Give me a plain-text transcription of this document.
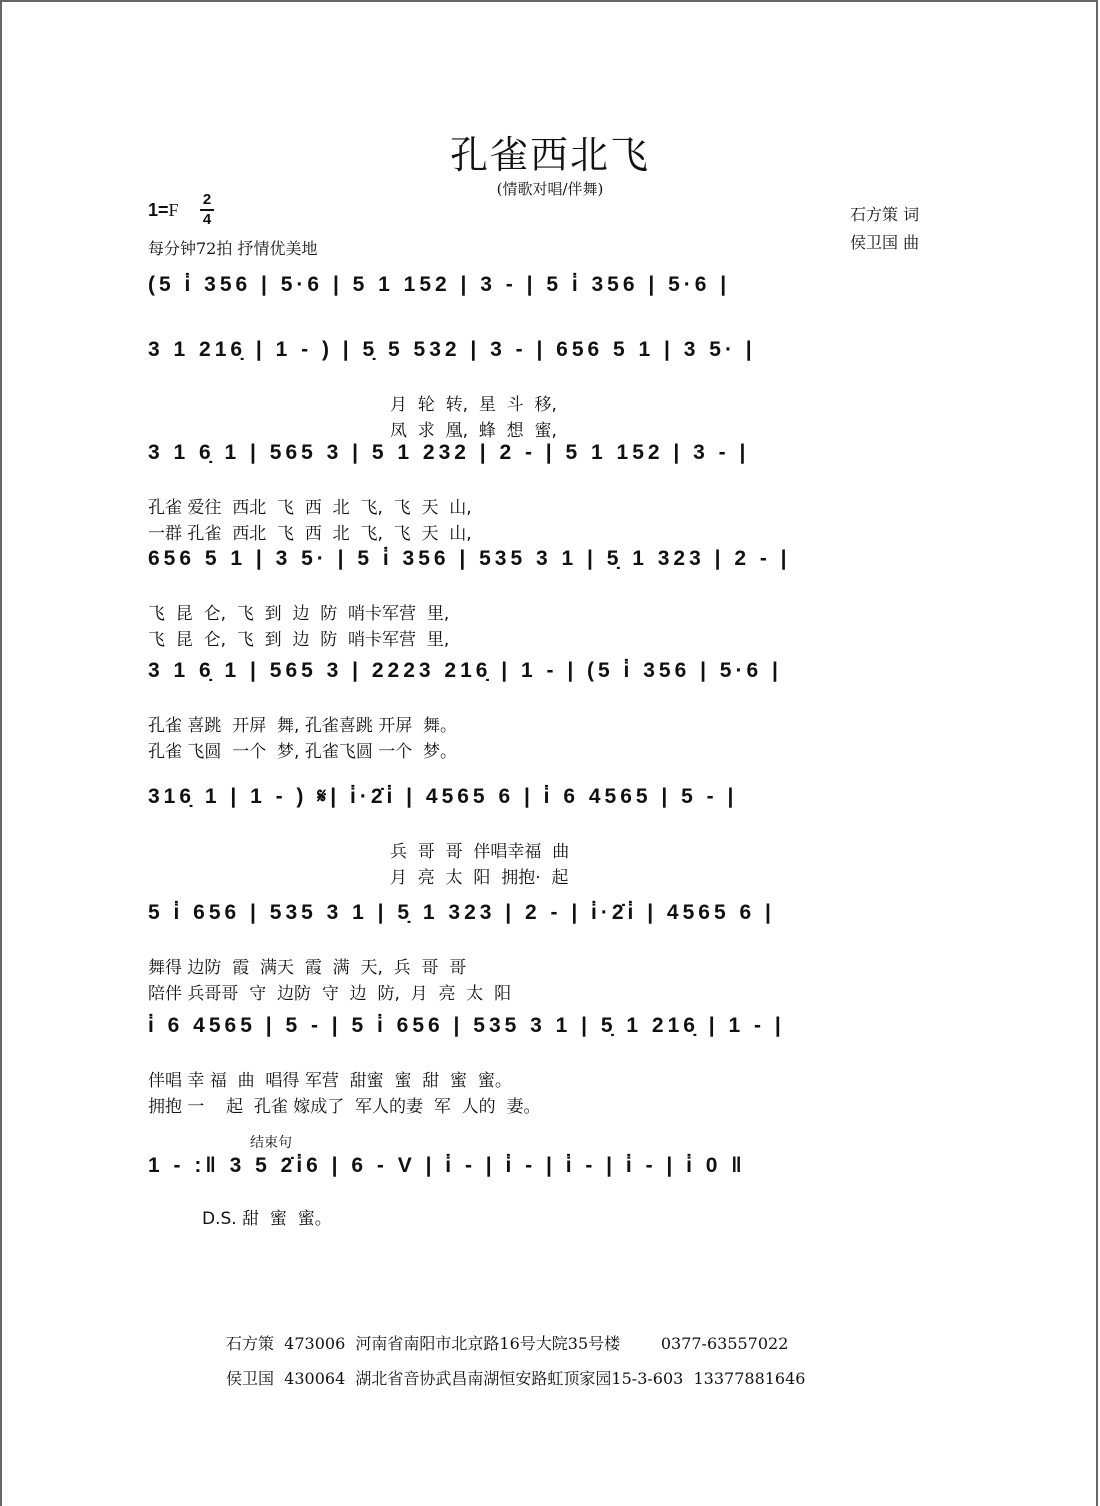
孔雀西北飞
(情歌对唱/伴舞)
1=F
2
4
每分钟72拍 抒情优美地
石方策 词
侯卫国 曲
(5 i̇ 356 | 5·6 | 5 1 152 | 3 - | 5 i̇ 356 | 5·6 |
3 1 216̣ | 1 - ) | 5̣ 5 532 | 3 - | 656 5 1 | 3 5· |
月  轮  转,  星  斗  移,
凤  求  凰,  蜂  想  蜜,
3 1 6̣ 1 | 565 3 | 5 1 232 | 2 - | 5 1 152 | 3 - |
孔雀 爱往  西北  飞  西  北  飞,  飞  天  山,
一群 孔雀  西北  飞  西  北  飞,  飞  天  山,
656 5 1 | 3 5· | 5 i̇ 356 | 535 3 1 | 5̣ 1 323 | 2 - |
飞  昆  仑,  飞  到  边  防  哨卡军营  里,
飞  昆  仑,  飞  到  边  防  哨卡军营  里,
3 1 6̣ 1 | 565 3 | 2223 216̣ | 1 - | (5 i̇ 356 | 5·6 |
孔雀 喜跳  开屏  舞, 孔雀喜跳 开屏  舞。
孔雀 飞圆  一个  梦, 孔雀飞圆 一个  梦。
316̣ 1 | 1 - ) 𝄋| i̇·2̇i̇ | 4565 6 | i̇ 6 4565 | 5 - |
兵  哥  哥  伴唱幸福  曲
月  亮  太  阳  拥抱·  起
5 i̇ 656 | 535 3 1 | 5̣ 1 323 | 2 - | i̇·2̇i̇ | 4565 6 |
舞得 边防  霞  满天  霞  满  天,  兵  哥  哥
陪伴 兵哥哥  守  边防  守  边  防,  月  亮  太  阳
i̇ 6 4565 | 5 - | 5 i̇ 656 | 535 3 1 | 5̣ 1 216̣ | 1 - |
伴唱 幸 福  曲  唱得 军营  甜蜜  蜜  甜  蜜  蜜。
拥抱 一    起  孔雀 嫁成了  军人的妻  军  人的  妻。
结束句
1 - :‖ 3 5 2̇i̇6 | 6 - V | i̇ - | i̇ - | i̇ - | i̇ - | i̇ 0 ‖
D.S. 甜  蜜  蜜。
石方策  473006  河南省南阳市北京路16号大院35号楼        0377-63557022
侯卫国  430064  湖北省音协武昌南湖恒安路虹顶家园15-3-603  13377881646
